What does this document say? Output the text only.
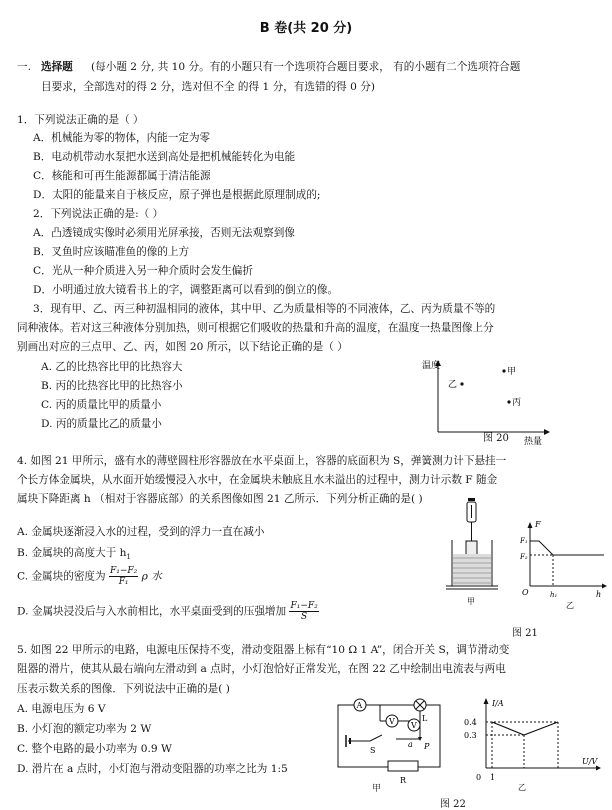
B 卷(共 20 分)
一. 选择题 (每小题 2 分, 共 10 分。有的小题只有一个选项符合题目要求， 有的小题有二个选项符合题
目要求，全部选对的得 2 分，选对但不全 的得 1 分，有选错的得 0 分)
1．下列说法正确的是（ ）
A．机械能为零的物体，内能一定为零
B．电动机带动水泵把水送到高处是把机械能转化为电能
C．核能和可再生能源都属于清洁能源
D．太阳的能量来自于核反应，原子弹也是根据此原理制成的;
2．下列说法正确的是:（ ）
A．凸透镜成实像时必须用光屏承接，否则无法观察到像
B．叉鱼时应该瞄准鱼的像的上方
C．光从一种介质进入另一种介质时会发生偏折
D．小明通过放大镜看书上的字，调整距离可以看到的倒立的像。
3．现有甲、乙、丙三种初温相同的液体，其中甲、乙为质量相等的不同液体，乙、丙为质量不等的
同种液体。若对这三种液体分别加热，则可根据它们吸收的热量和升高的温度，在温度一热量图像上分
别画出对应的三点甲、乙、丙，如图 20 所示，以下结论正确的是（ ）
A. 乙的比热容比甲的比热容大
B. 丙的比热容比甲的比热容小
C. 丙的质量比甲的质量小
D. 丙的质量比乙的质量小
温度
热量
甲
乙
丙
图 20
4. 如图 21 甲所示，盛有水的薄壁圆柱形容器放在水平桌面上，容器的底面积为 S，弹簧测力计下悬挂一
个长方体金属块，从水面开始缓慢浸入水中，在金属块未触底且水未溢出的过程中，测力计示数 F 随金
属块下降距离 h （相对于容器底部）的关系图像如图 21 乙所示．下列分析正确的是( )
A. 金属块逐渐浸入水的过程，受到的浮力一直在减小
B. 金属块的高度大于 $h_1$
C. 金属块的密度为 $\frac{\text{F₁−F₂}}{\text{F₁}}$ ρ 水
D. 金属块浸没后与入水前相比，水平桌面受到的压强增加 $\frac{\text{F₁−F₂}}{S}$	甲
F
F₁
F₂
O	h₁	h
乙
图 21
5. 如图 22 甲所示的电路，电源电压保持不变，滑动变阻器上标有“10 Ω 1 A”，闭合开关 S，调节滑动变
阻器的滑片，使其从最右端向左滑动到 a 点时，小灯泡恰好正常发光，在图 22 乙中绘制出电流表与两电
压表示数关系的图像．下列说法中正确的是( )
A. 电源电压为 6 V
B. 小灯泡的额定功率为 2 W
C. 整个电路的最小功率为 0.9 W
D. 滑片在 a 点时，小灯泡与滑动变阻器的功率之比为 1:5
A
V V
L
a P
S
R
甲
I/A
U/V
0.4
0.3
0 1
乙
图 22
